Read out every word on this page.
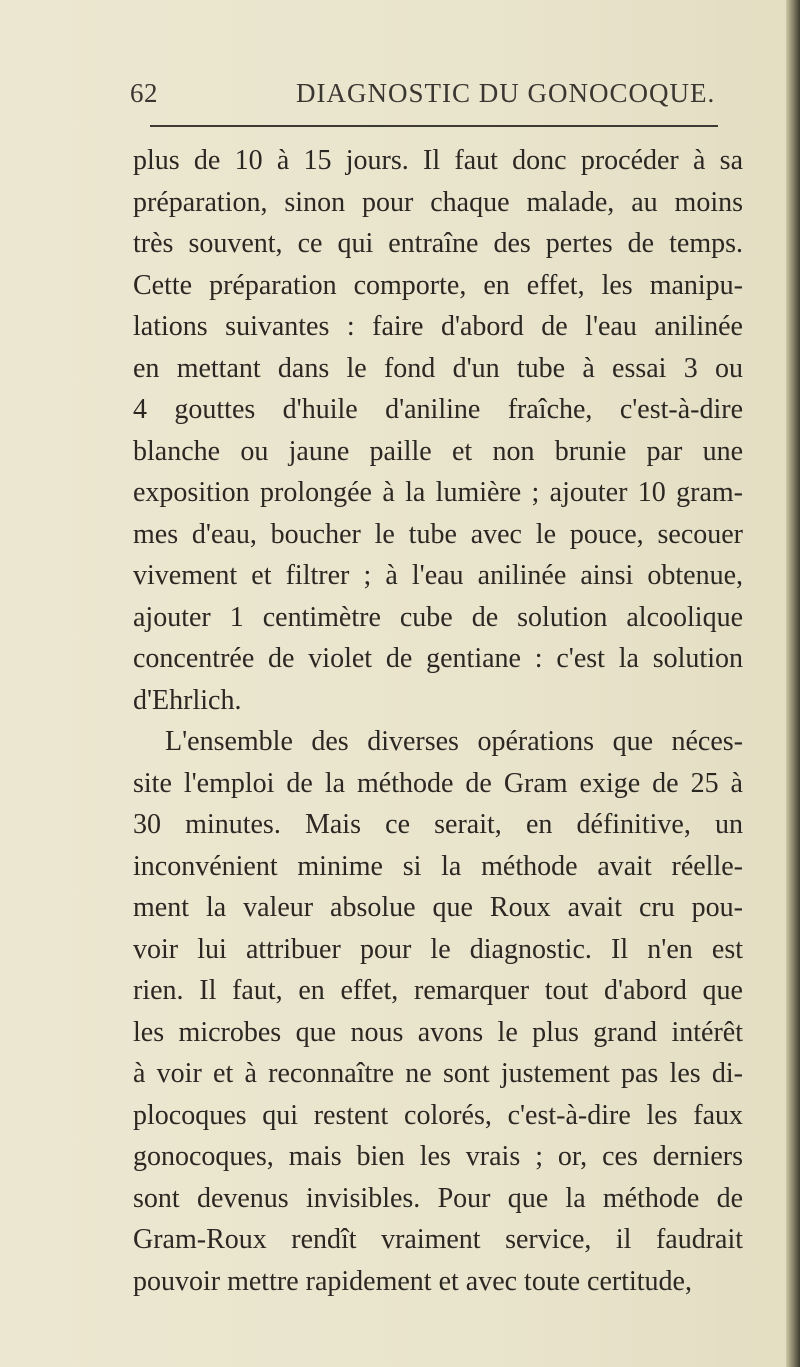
62	DIAGNOSTIC DU GONOCOQUE.
plus de 10 à 15 jours. Il faut donc procéder à sa
préparation, sinon pour chaque malade, au moins
très souvent, ce qui entraîne des pertes de temps.
Cette préparation comporte, en effet, les manipu-
lations suivantes : faire d'abord de l'eau anilinée
en mettant dans le fond d'un tube à essai 3 ou
4 gouttes d'huile d'aniline fraîche, c'est-à-dire
blanche ou jaune paille et non brunie par une
exposition prolongée à la lumière ; ajouter 10 gram-
mes d'eau, boucher le tube avec le pouce, secouer
vivement et filtrer ; à l'eau anilinée ainsi obtenue,
ajouter 1 centimètre cube de solution alcoolique
concentrée de violet de gentiane : c'est la solution
d'Ehrlich.
L'ensemble des diverses opérations que néces-
site l'emploi de la méthode de Gram exige de 25 à
30 minutes. Mais ce serait, en définitive, un
inconvénient minime si la méthode avait réelle-
ment la valeur absolue que Roux avait cru pou-
voir lui attribuer pour le diagnostic. Il n'en est
rien. Il faut, en effet, remarquer tout d'abord que
les microbes que nous avons le plus grand intérêt
à voir et à reconnaître ne sont justement pas les di-
plocoques qui restent colorés, c'est-à-dire les faux
gonocoques, mais bien les vrais ; or, ces derniers
sont devenus invisibles. Pour que la méthode de
Gram-Roux rendît vraiment service, il faudrait
pouvoir mettre rapidement et avec toute certitude,
